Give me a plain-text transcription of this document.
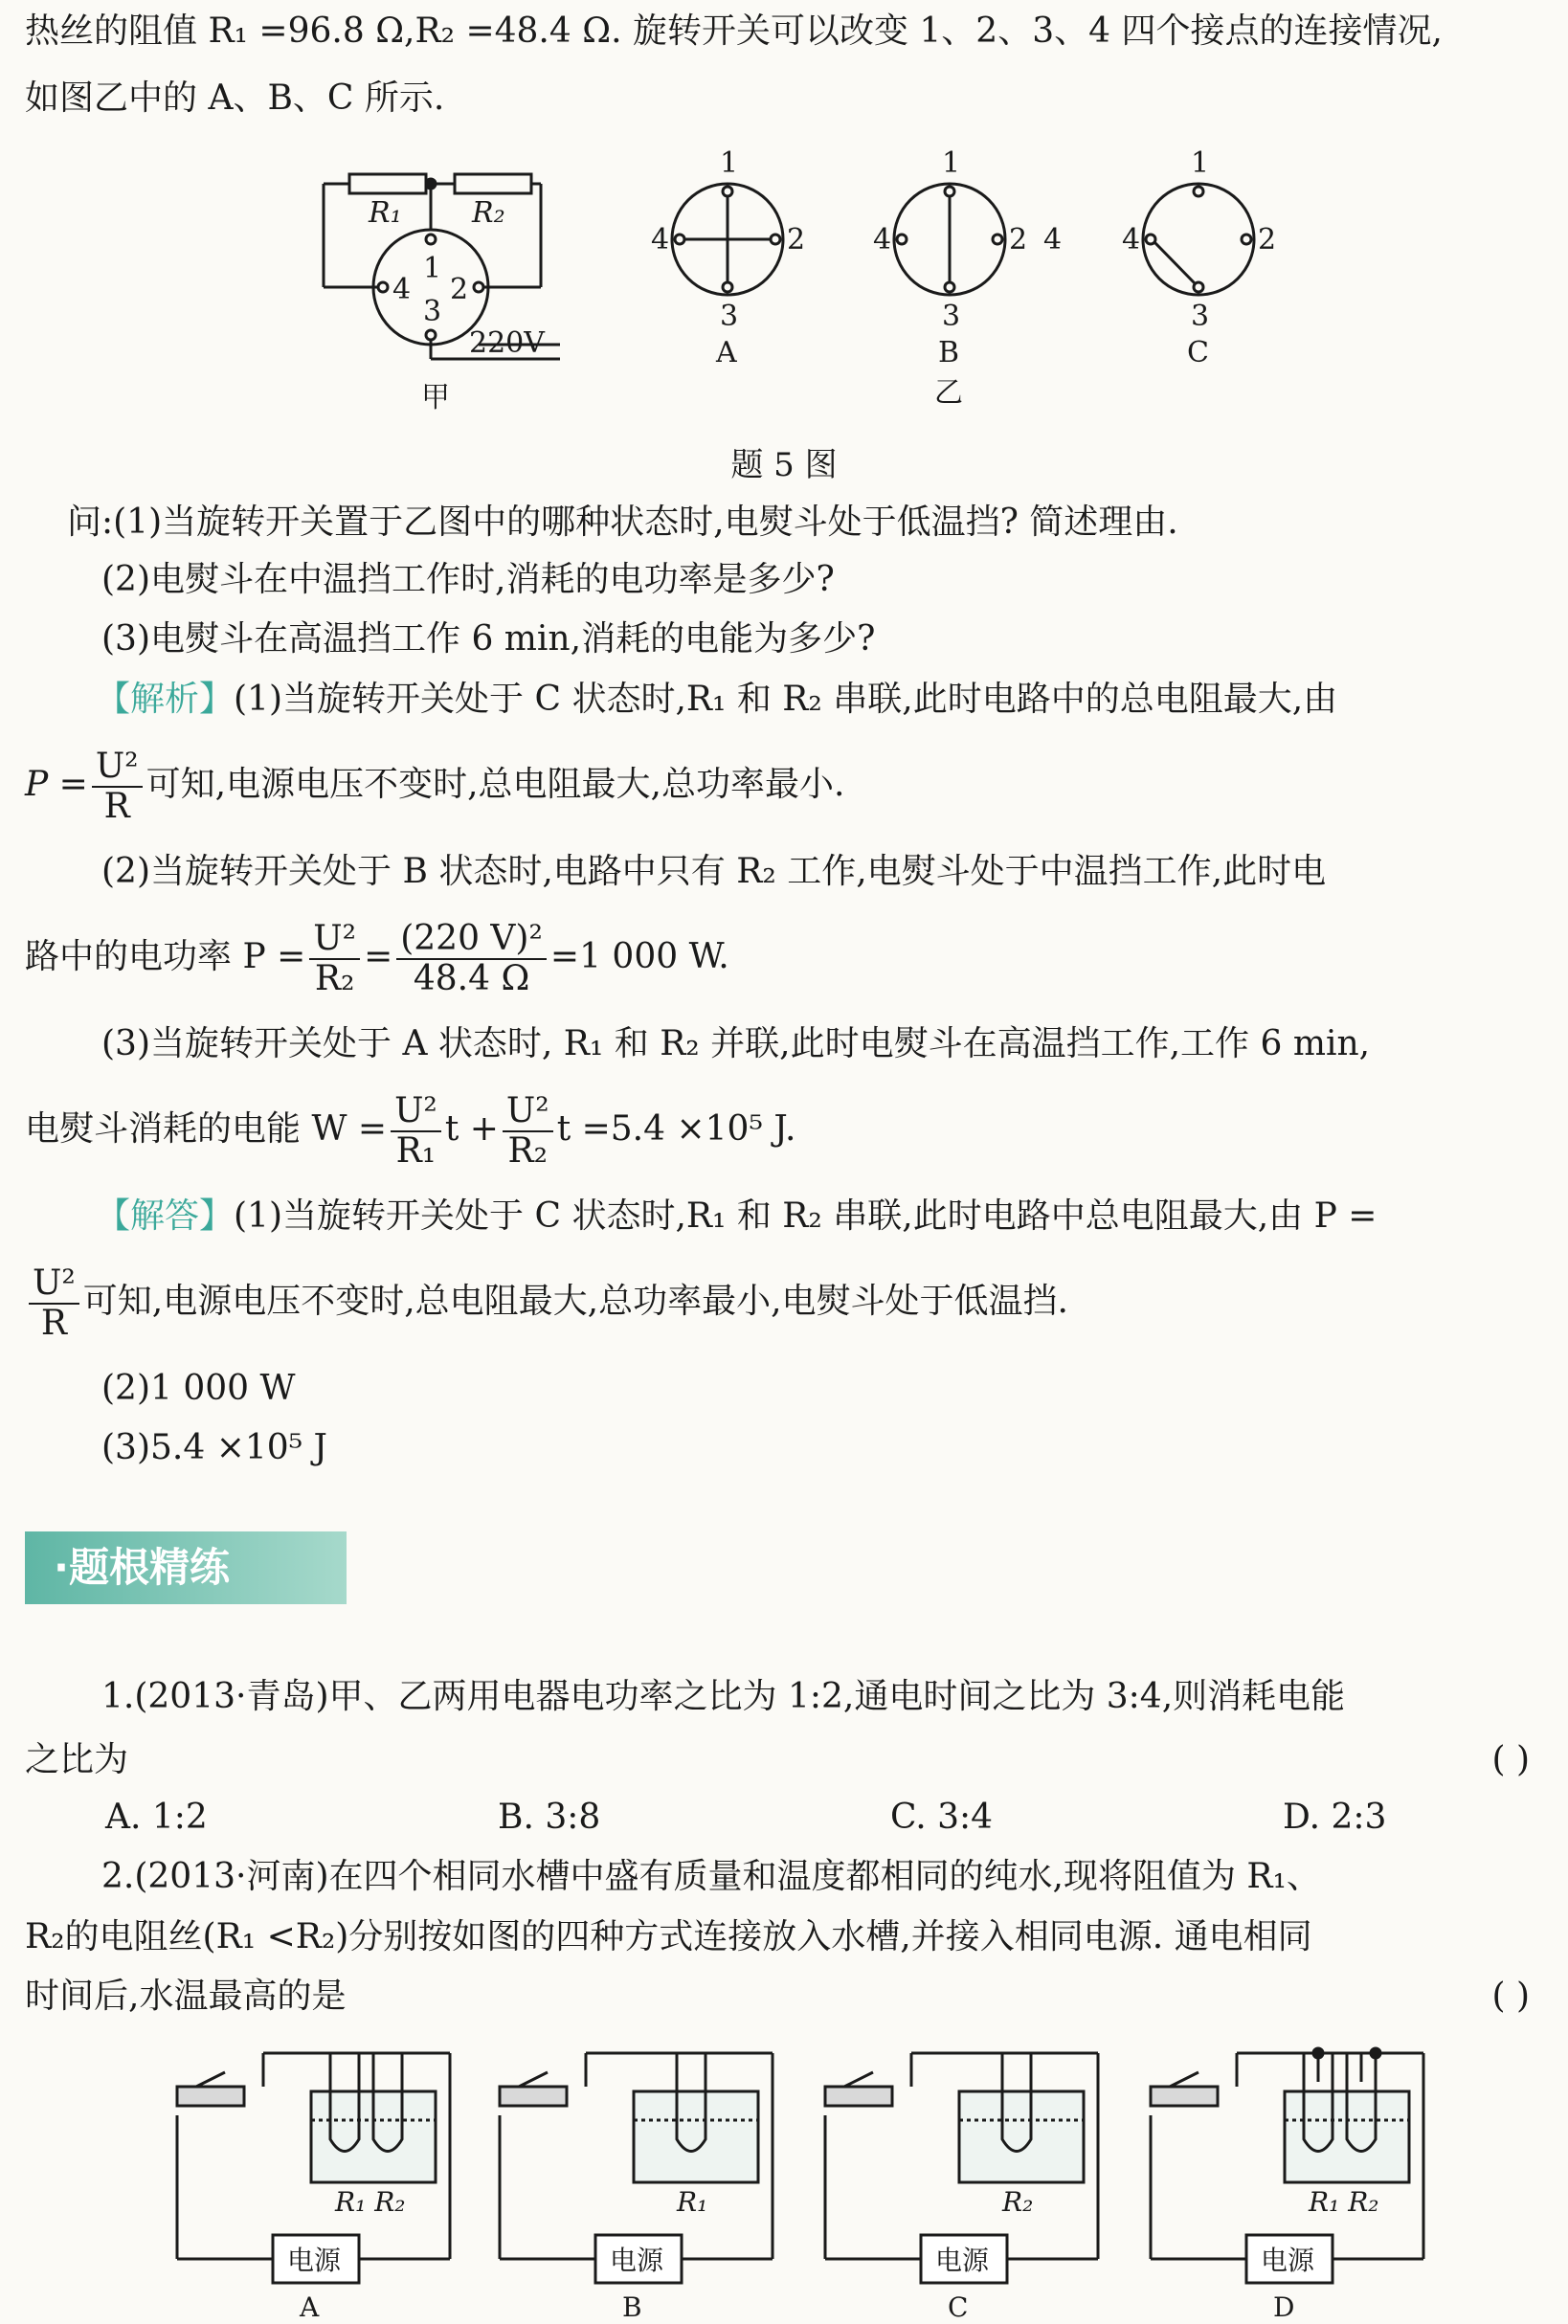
热丝的阻值 R₁ =96.8 Ω,R₂ =48.4 Ω. 旋转开关可以改变 1、2、3、4 四个接点的连接情况,
如图乙中的 A、B、C 所示.
R₁ R₂
1
2
3
4
220V
甲
1
2
3
4
A
1
2 4
3
4
B
乙
1
2
3
4
C
题 5 图
问:(1)当旋转开关置于乙图中的哪种状态时,电熨斗处于低温挡? 简述理由.
(2)电熨斗在中温挡工作时,消耗的电功率是多少?
(3)电熨斗在高温挡工作 6 min,消耗的电能为多少?
【解析】(1)当旋转开关处于 C 状态时,R₁ 和 R₂ 串联,此时电路中的总电阻最大,由
$P = \frac{\text{U²}}{R}$ 可知,电源电压不变时,总电阻最大,总功率最小.
(2)当旋转开关处于 B 状态时,电路中只有 R₂ 工作,电熨斗处于中温挡工作,此时电
路中的电功率 $P = \frac{\text{U²}}{\text{R₂}} = \frac{\text{(220 V)²}}{48.4 \Omega} =1$ 000 W.
(3)当旋转开关处于 A 状态时, R₁ 和 R₂ 并联,此时电熨斗在高温挡工作,工作 6 min,
电熨斗消耗的电能 $W = \frac{\text{U²}}{\text{R₁}}$ $t + \frac{\text{U²}}{\text{R₂}}$ t =5.4 ×10⁵ J.
【解答】(1)当旋转开关处于 C 状态时,R₁ 和 R₂ 串联,此时电路中总电阻最大,由 P =
$\frac{\text{U²}}{R}$ 可知,电源电压不变时,总电阻最大,总功率最小,电熨斗处于低温挡.
(2)1 000 W
(3)5.4 ×10⁵ J
·题根精练
1.(2013·青岛)甲、乙两用电器电功率之比为 1:2,通电时间之比为 3:4,则消耗电能
之比为	( )
A. 1:2	B. 3:8	C. 3:4	D. 2:3
2.(2013·河南)在四个相同水槽中盛有质量和温度都相同的纯水,现将阻值为 R₁、
R₂的电阻丝(R₁ <R₂)分别按如图的四种方式连接放入水槽,并接入相同电源. 通电相同
时间后,水温最高的是	( )
R₁ R₂
电源
A
R₁
电源
B
R₂
电源
C
R₁ R₂
电源
D
